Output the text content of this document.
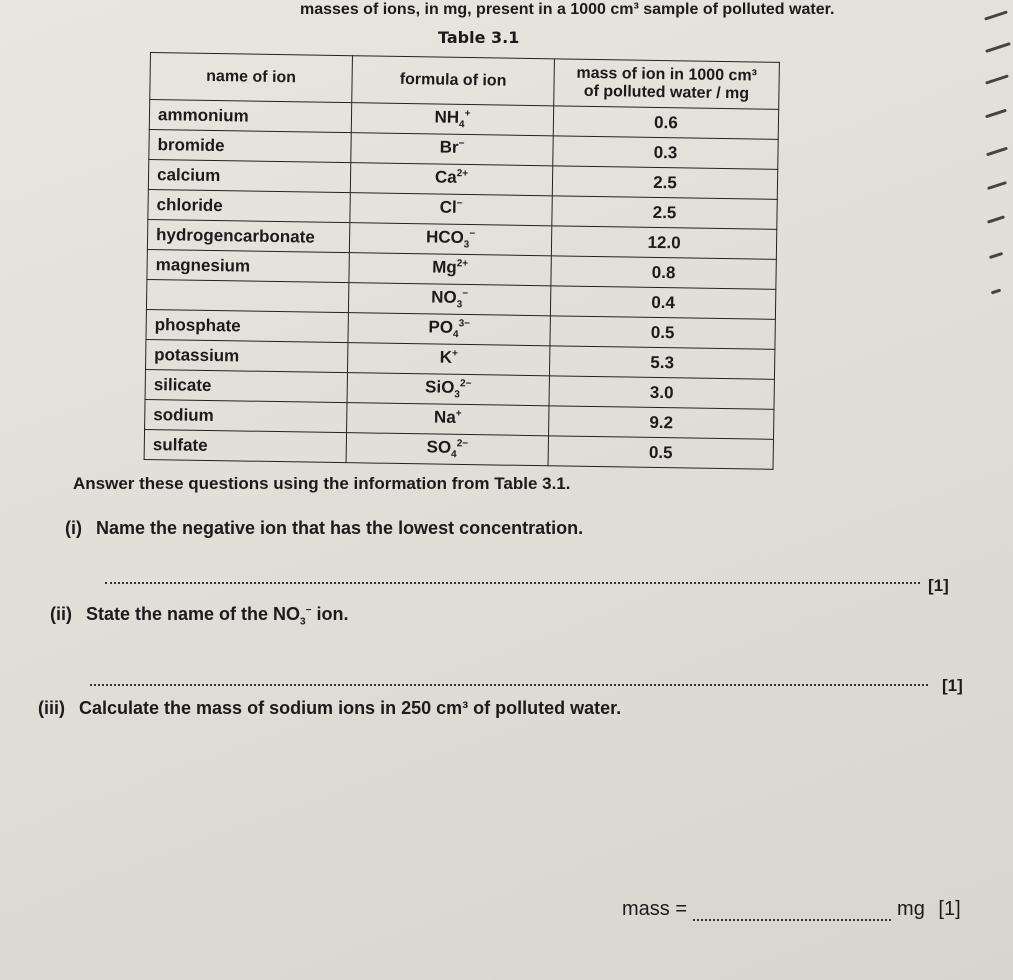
masses of ions, in mg, present in a 1000 cm³ sample of polluted water.
Table 3.1
name of ion	formula of ion	mass of ion in 1000 cm³
of polluted water / mg
ammonium	$NH_4^+$	0.6
bromide	Br−	0.3
calcium	$Ca^{2+}$	2.5
chloride	Cl−	2.5
hydrogencarbonate	$HCO_3^-$	12.0
magnesium	$Mg^{2+}$	0.8
	$NO_3^-$	0.4
phosphate	$PO_4^{3-}$	0.5
potassium	K+	5.3
silicate	SiO$_3^{2-}$	3.0
sodium	Na+	9.2
sulfate	$SO_4^{2-}$	0.5
Answer these questions using the information from Table 3.1.
(i) Name the negative ion that has the lowest concentration.
[1]
(ii) State the name of the $NO_3^-$ ion.
[1]
(iii) Calculate the mass of sodium ions in 250 cm³ of polluted water.
mass =	mg [1]
